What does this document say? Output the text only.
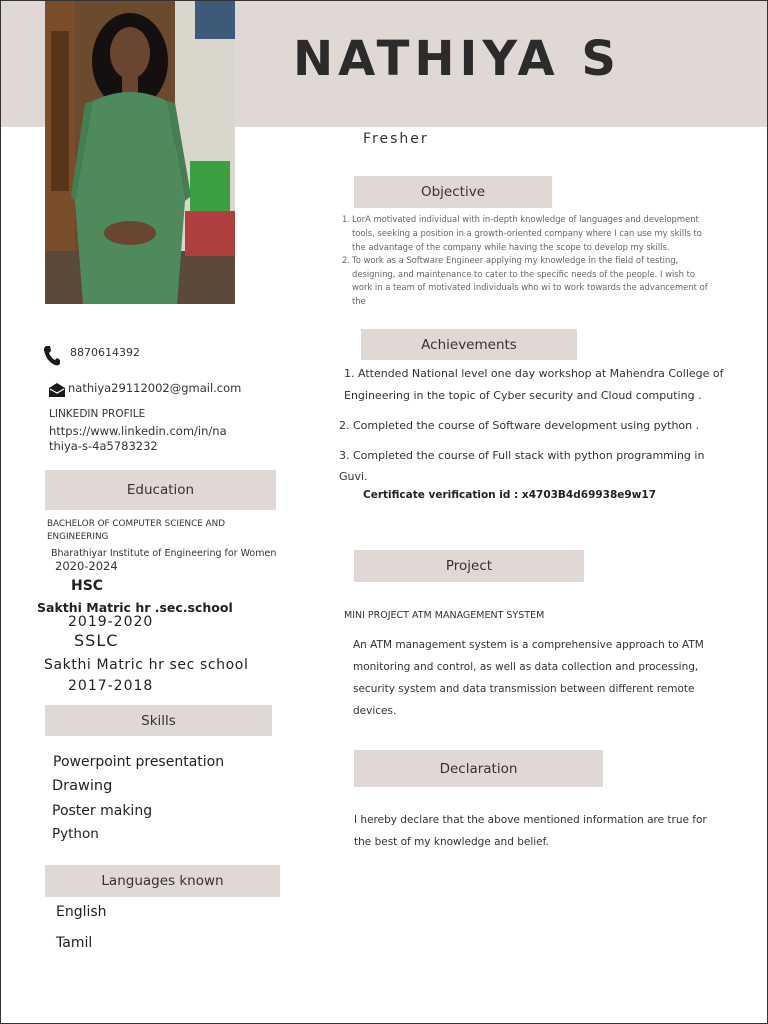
NATHIYA S
Fresher
8870614392
nathiya29112002@gmail.com
LINKEDIN PROFILE
https://www.linkedin.com/in/na
thiya-s-4a5783232
Education
BACHELOR OF COMPUTER SCIENCE AND
ENGINEERING
Bharathiyar Institute of Engineering for Women
2020-2024
HSC
Sakthi Matric hr .sec.school
2019-2020
SSLC
Sakthi Matric hr sec school
2017-2018
Skills
Powerpoint presentation
Drawing
Poster making
Python
Languages known
English
Tamil
Objective
1. LorA motivated individual with in-depth knowledge of languages and development
tools, seeking a position in a growth-oriented company where I can use my skills to
the advantage of the company while having the scope to develop my skills.
2. To work as a Software Engineer applying my knowledge in the field of testing,
designing, and maintenance to cater to the specific needs of the people. I wish to
work in a team of motivated individuals who wi to work towards the advancement of
the
Achievements
1. Attended National level one day workshop at Mahendra College of
Engineering in the topic of Cyber security and Cloud computing .
2. Completed the course of Software development using python .
3. Completed the course of Full stack with python programming in
Guvi.
Certificate verification id : x4703B4d69938e9w17
Project
MINI PROJECT ATM MANAGEMENT SYSTEM
An ATM management system is a comprehensive approach to ATM
monitoring and control, as well as data collection and processing,
security system and data transmission between different remote
devices.
Declaration
I hereby declare that the above mentioned information are true for
the best of my knowledge and belief.
